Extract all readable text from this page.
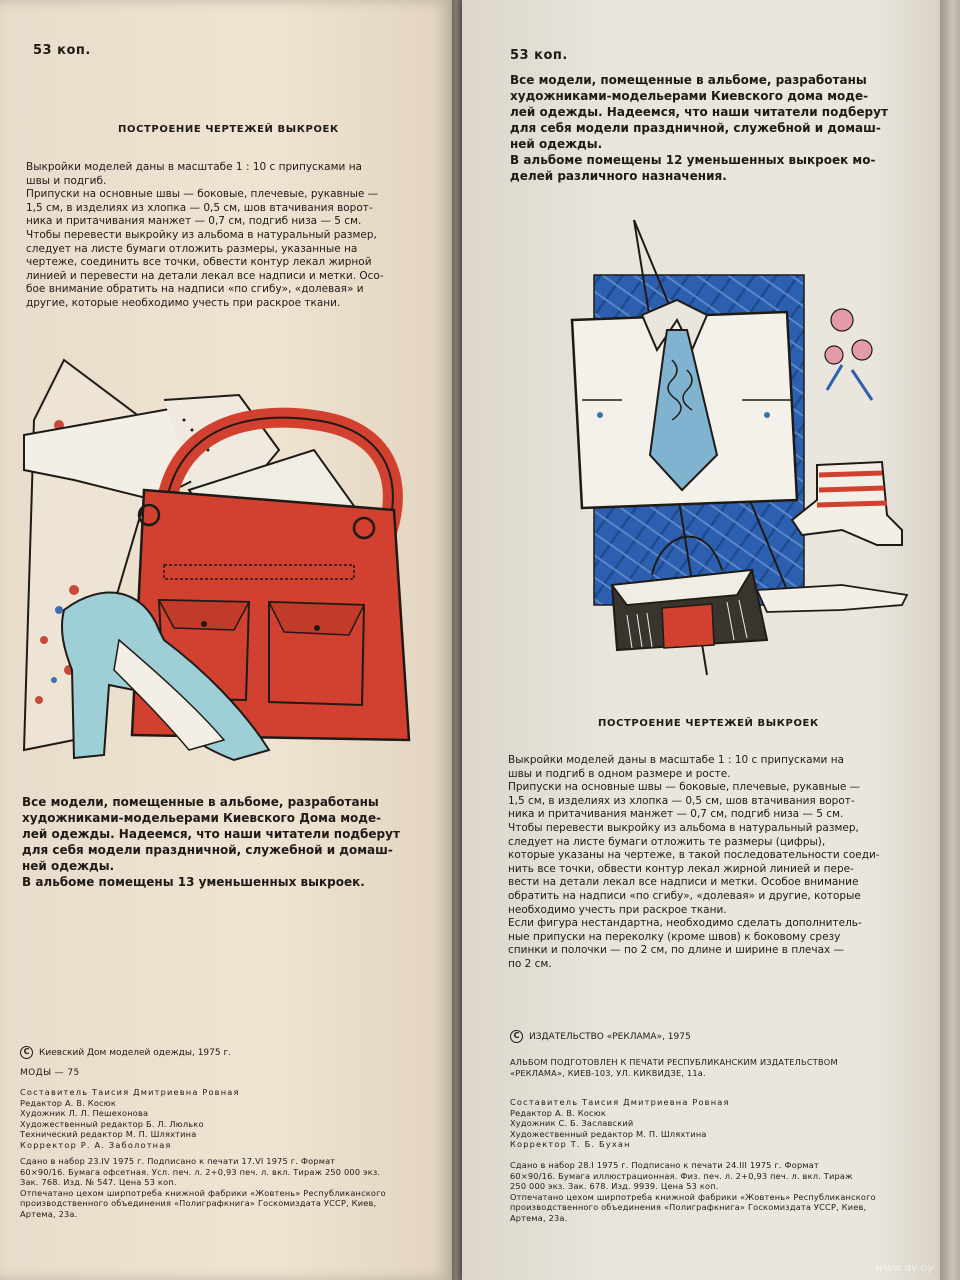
53 коп.
ПОСТРОЕНИЕ ЧЕРТЕЖЕЙ ВЫКРОЕК

Выкройки моделей даны в масштабе 1 : 10 с припусками на

швы и подгиб.

Припуски на основные швы — боковые, плечевые, рукавные —

1,5 см, в изделиях из хлопка — 0,5 см, шов втачивания ворот-

ника и притачивания манжет — 0,7 см, подгиб низа — 5 см.

Чтобы перевести выкройку из альбома в натуральный размер,

следует на листе бумаги отложить размеры, указанные на

чертеже, соединить все точки, обвести контур лекал жирной

линией и перевести на детали лекал все надписи и метки. Осо-

бое внимание обратить на надписи «по сгибу», «долевая» и

другие, которые необходимо учесть при раскрое ткани.

Все модели, помещенные в альбоме, разработаны

художниками-модельерами Киевского Дома моде-

лей одежды. Надеемся, что наши читатели подберут

для себя модели праздничной, служебной и домаш-

ней одежды.

В альбоме помещены 13 уменьшенных выкроек.

C	Киевский Дом моделей одежды, 1975 г.
МОДЫ — 75
Составитель Таисия Дмитриевна Ровная
Редактор А. В. Косюк
Художник Л. Л. Пешехонова
Художественный редактор Б. Л. Люлько
Технический редактор М. П. Шляхтина
Корректор Р. А. Заболотная
Сдано в набор 23.IV 1975 г. Подписано к печати 17.VI 1975 г. Формат
60×90/16. Бумага офсетная. Усл. печ. л. 2+0,93 печ. л. вкл. Тираж 250 000 экз.
Зак. 768. Изд. № 547. Цена 53 коп.
Отпечатано цехом ширпотреба книжной фабрики «Жовтень» Республиканского
производственного объединения «Полиграфкнига» Госкомиздата УССР, Киев,
Артема, 23а.
53 коп.

Все модели, помещенные в альбоме, разработаны

художниками-модельерами Киевского дома моде-

лей одежды. Надеемся, что наши читатели подберут

для себя модели праздничной, служебной и домаш-

ней одежды.

В альбоме помещены 12 уменьшенных выкроек мо-

делей различного назначения.

ПОСТРОЕНИЕ ЧЕРТЕЖЕЙ ВЫКРОЕК

Выкройки моделей даны в масштабе 1 : 10 с припусками на

швы и подгиб в одном размере и росте.

Припуски на основные швы — боковые, плечевые, рукавные —

1,5 см, в изделиях из хлопка — 0,5 см, шов втачивания ворот-

ника и притачивания манжет — 0,7 см, подгиб низа — 5 см.

Чтобы перевести выкройку из альбома в натуральный размер,

следует на листе бумаги отложить те размеры (цифры),

которые указаны на чертеже, в такой последовательности соеди-

нить все точки, обвести контур лекал жирной линией и пере-

вести на детали лекал все надписи и метки. Особое внимание

обратить на надписи «по сгибу», «долевая» и другие, которые

необходимо учесть при раскрое ткани.

Если фигура нестандартна, необходимо сделать дополнитель-

ные припуски на переколку (кроме швов) к боковому срезу

спинки и полочки — по 2 см, по длине и ширине в плечах —

по 2 см.

C	ИЗДАТЕЛЬСТВО «РЕКЛАМА», 1975
АЛЬБОМ ПОДГОТОВЛЕН К ПЕЧАТИ РЕСПУБЛИКАНСКИМ ИЗДАТЕЛЬСТВОМ
«РЕКЛАМА», КИЕВ-103, УЛ. КИКВИДЗЕ, 11а.
Составитель Таисия Дмитриевна Ровная
Редактор А. В. Косюк
Художник С. Б. Заславский
Художественный редактор М. П. Шляхтина
Корректор Т. Б. Бухан
Сдано в набор 28.I 1975 г. Подписано к печати 24.III 1975 г. Формат
60×90/16. Бумага иллюстрационная. Физ. печ. л. 2+0,93 печ. л. вкл. Тираж
250 000 экз. Зак. 678. Изд. 9939. Цена 53 коп.
Отпечатано цехом ширпотреба книжной фабрики «Жовтень» Республиканского
производственного объединения «Полиграфкнига» Госкомиздата УССР, Киев,
Артема, 23а.
www.ay.by
